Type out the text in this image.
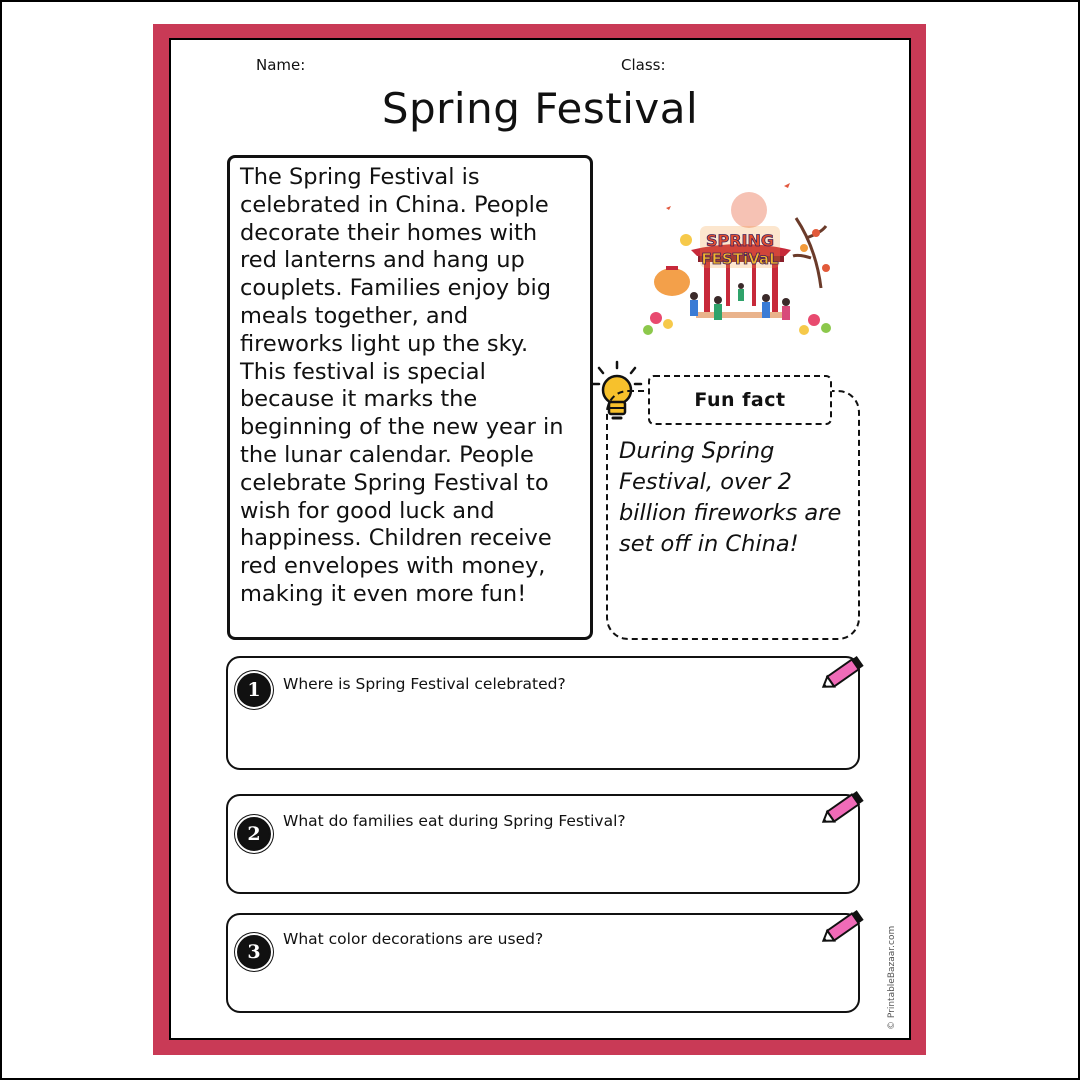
Name:	Class:
Spring Festival

The Spring Festival is
celebrated in China. People
decorate their homes with
red lanterns and hang up
couplets. Families enjoy big
meals together, and
fireworks light up the sky.
This festival is special
because it marks the
beginning of the new year in
the lunar calendar. People
celebrate Spring Festival to
wish for good luck and
happiness. Children receive
red envelopes with money,
making it even more fun!

SPRING
FESTiVaL
Fun fact
During Spring
Festival, over 2
billion fireworks are
set off in China!
1	Where is Spring Festival celebrated?
2
What do families eat during Spring Festival?
3
What color decorations are used?	© PrintableBazaar.com
